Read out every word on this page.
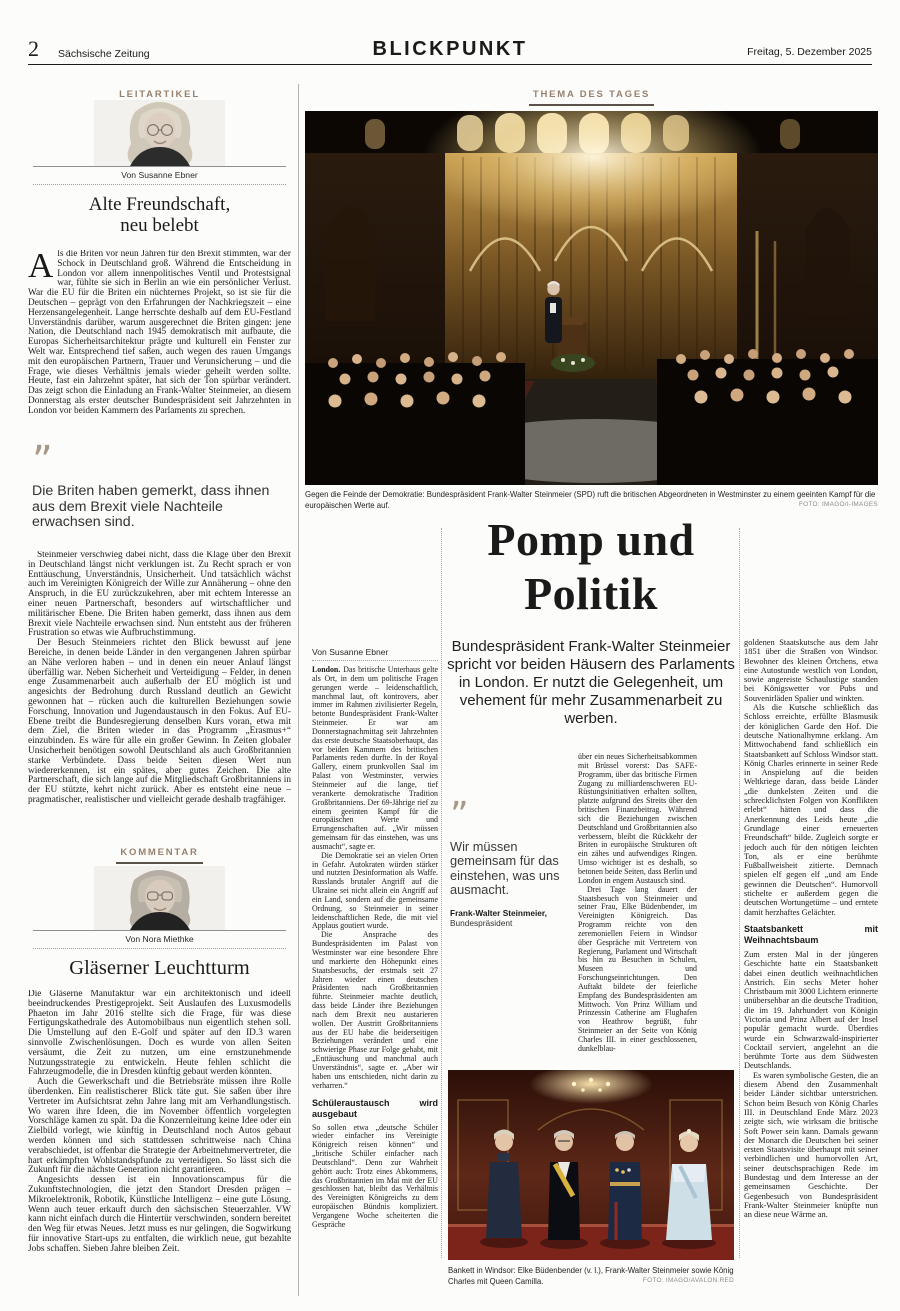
2 Sächsische Zeitung	BLICKPUNKT	Freitag, 5. Dezember 2025
LEITARTIKEL
Von Susanne Ebner
Alte Freundschaft,
neu belebt

Als die Briten vor neun Jahren für den Brexit stimmten, war der Schock in Deutschland groß. Während die Entscheidung in London vor allem innenpolitisches Ventil und Protestsignal war, fühlte sie sich in Berlin an wie ein persönlicher Verlust. War die EU für die Briten ein nüchternes Projekt, so ist sie für die Deutschen – geprägt von den Erfahrungen der Nachkriegszeit – eine Herzensangelegenheit. Lange herrschte deshalb auf dem EU-Festland Unverständnis darüber, warum ausgerechnet die Briten gingen: jene Nation, die Deutschland nach 1945 demokratisch mit aufbaute, die Europas Sicherheitsarchitektur prägte und kulturell ein Fenster zur Welt war. Entsprechend tief saßen, auch wegen des rauen Umgangs mit den europäischen Partnern, Trauer und Verunsicherung – und die Frage, wie dieses Verhältnis jemals wieder geheilt werden sollte. Heute, fast ein Jahrzehnt später, hat sich der Ton spürbar verändert. Das zeigt schon die Einladung an Frank-Walter Steinmeier, an diesem Donnerstag als erster deutscher Bundespräsident seit Jahrzehnten in London vor beiden Kammern des Parlaments zu sprechen.

”
Die Briten haben gemerkt, dass ihnen aus dem Brexit viele Nachteile erwachsen sind.

Steinmeier verschwieg dabei nicht, dass die Klage über den Brexit in Deutschland längst nicht verklungen ist. Zu Recht sprach er von Enttäuschung, Unverständnis, Unsicherheit. Und tatsächlich wächst auch im Vereinigten Königreich der Wille zur Annäherung – ohne den Anspruch, in die EU zurückzukehren, aber mit echtem Interesse an einer neuen Partnerschaft, besonders auf wirtschaftlicher und militärischer Ebene. Die Briten haben gemerkt, dass ihnen aus dem Brexit viele Nachteile erwachsen sind. Nun entsteht aus der früheren Frustration so etwas wie Aufbruchstimmung.

Der Besuch Steinmeiers richtet den Blick bewusst auf jene Bereiche, in denen beide Länder in den vergangenen Jahren spürbar an Nähe verloren haben – und in denen ein neuer Anlauf längst überfällig war. Neben Sicherheit und Verteidigung – Felder, in denen enge Zusammenarbeit auch außerhalb der EU möglich ist und angesichts der Bedrohung durch Russland deutlich an Gewicht gewonnen hat – rücken auch die kulturellen Beziehungen sowie Forschung, Innovation und Jugendaustausch in den Fokus. Auf EU-Ebene treibt die Bundesregierung denselben Kurs voran, etwa mit dem Ziel, die Briten wieder in das Programm „Erasmus+“ einzubinden. Es wäre für alle ein großer Gewinn. In Zeiten globaler Unsicherheit benötigen sowohl Deutschland als auch Großbritannien starke Verbündete. Dass beide Seiten diesen Wert nun wiedererkennen, ist ein spätes, aber gutes Zeichen. Die alte Partnerschaft, die sich lange auf die Mitgliedschaft Großbritanniens in der EU stützte, kehrt nicht zurück. Aber es entsteht eine neue – pragmatischer, realistischer und vielleicht gerade deshalb tragfähiger.

KOMMENTAR
Von Nora Miethke
Gläserner Leuchtturm

Die Gläserne Manufaktur war ein architektonisch und ideell beeindruckendes Prestigeprojekt. Seit Auslaufen des Luxusmodells Phaeton im Jahr 2016 stellte sich die Frage, für was diese Fertigungskathedrale des Automobilbaus nun eigentlich stehen soll. Die Umstellung auf den E-Golf und später auf den ID.3 waren sinnvolle Zwischenlösungen. Doch es wurde von allen Seiten versäumt, die Zeit zu nutzen, um eine ernstzunehmende Nutzungsstrategie zu entwickeln. Heute fehlen schlicht die Fahrzeugmodelle, die in Dresden künftig gebaut werden könnten.

Auch die Gewerkschaft und die Betriebsräte müssen ihre Rolle überdenken. Ein realistischerer Blick täte gut. Sie saßen über ihre Vertreter im Aufsichtsrat zehn Jahre lang mit am Verhandlungstisch. Wo waren ihre Ideen, die im November öffentlich vorgelegten Vorschläge kamen zu spät. Da die Konzernleitung keine Idee oder ein Zielbild vorlegt, wie künftig in Deutschland noch Autos gebaut werden können und sich stattdessen schrittweise nach China verabschiedet, ist offenbar die Strategie der Arbeitnehmervertreter, die hart erkämpften Wohlstandspfunde zu verteidigen. So lässt sich die Zukunft für die nächste Generation nicht garantieren.

Angesichts dessen ist ein Innovationscampus für die Zukunftstechnologien, die jetzt den Standort Dresden prägen – Mikroelektronik, Robotik, Künstliche Intelligenz – eine gute Lösung. Wenn auch teuer erkauft durch den sächsischen Steuerzahler. VW kann nicht einfach durch die Hintertür verschwinden, sondern bereitet den Weg für etwas Neues. Jetzt muss es nur gelingen, die Sogwirkung für innovative Start-ups zu entfalten, die wirklich neue, gut bezahlte Jobs schaffen. Sieben Jahre bleiben Zeit.

THEMA DES TAGES
Gegen die Feinde der Demokratie: Bundespräsident Frank-Walter Steinmeier (SPD) ruft die britischen Abgeordneten in Westminster zu einem geeinten Kampf für die europäischen Werte auf.	FOTO: IMAGO/I-IMAGES
Pomp und
Politik
Bundespräsident Frank-Walter Steinmeier spricht vor beiden Häusern des Parlaments in London. Er nutzt die Gelegenheit, um vehement für mehr Zusammenarbeit zu werben.
Von Susanne Ebner

London. Das britische Unterhaus gelte als Ort, in dem um politische Fragen gerungen werde – leidenschaftlich, manchmal laut, oft kontrovers, aber immer im Rahmen zivilisierter Regeln, betonte Bundespräsident Frank-Walter Steinmeier. Er war am Donnerstagnachmittag seit Jahrzehnten das erste deutsche Staatsoberhaupt, das vor beiden Kammern des britischen Parlaments reden durfte. In der Royal Gallery, einem prunkvollen Saal im Palast von Westminster, verwies Steinmeier auf die lange, tief verankerte demokratische Tradition Großbritanniens. Der 69-Jährige rief zu einem geeinten Kampf für die europäischen Werte und Errungenschaften auf. „Wir müssen gemeinsam für das einstehen, was uns ausmacht“, sagte er.

Die Demokratie sei an vielen Orten in Gefahr. Autokraten würden stärker und nutzten Desinformation als Waffe. Russlands brutaler Angriff auf die Ukraine sei nicht allein ein Angriff auf ein Land, sondern auf die gemeinsame Ordnung, so Steinmeier in seiner leidenschaftlichen Rede, die mit viel Applaus goutiert wurde.

Die Ansprache des Bundespräsidenten im Palast von Westminster war eine besondere Ehre und markierte den Höhepunkt eines Staatsbesuchs, der erstmals seit 27 Jahren wieder einen deutschen Präsidenten nach Großbritannien führte. Steinmeier machte deutlich, dass beide Länder ihre Beziehungen nach dem Brexit neu austarieren wollen. Der Austritt Großbritanniens aus der EU habe die beiderseitigen Beziehungen verändert und eine schwierige Phase zur Folge gehabt, mit „Enttäuschung und manchmal auch Unverständnis“, sagte er. „Aber wir haben uns entschieden, nicht darin zu verharren.“

Schüleraustausch wird ausgebaut

So sollen etwa „deutsche Schüler wieder einfacher ins Vereinigte Königreich reisen können“ und „britische Schüler einfacher nach Deutschland“. Denn zur Wahrheit gehört auch: Trotz eines Abkommens, das Großbritannien im Mai mit der EU geschlossen hat, bleibt das Verhältnis des Vereinigten Königreichs zu dem europäischen Bündnis kompliziert. Vergangene Woche scheiterten die Gespräche

”
Wir müssen gemeinsam für das einstehen, was uns ausmacht.
Frank-Walter Steinmeier,
Bundespräsident

über ein neues Sicherheitsabkommen mit Brüssel vorerst: Das SAFE-Programm, über das britische Firmen Zugang zu milliardenschweren EU-Rüstungsinitiativen erhalten sollten, platzte aufgrund des Streits über den britischen Finanzbeitrag. Während sich die Beziehungen zwischen Deutschland und Großbritannien also verbessern, bleibt die Rückkehr der Briten in europäische Strukturen oft ein zähes und aufwendiges Ringen. Umso wichtiger ist es deshalb, so betonen beide Seiten, dass Berlin und London in engem Austausch sind.

Drei Tage lang dauert der Staatsbesuch von Steinmeier und seiner Frau, Elke Büdenbender, im Vereinigten Königreich. Das Programm reichte von den zeremoniellen Feiern in Windsor über Gespräche mit Vertretern von Regierung, Parlament und Wirtschaft bis hin zu Besuchen in Schulen, Museen und Forschungseinrichtungen. Den Auftakt bildete der feierliche Empfang des Bundespräsidenten am Mittwoch. Von Prinz William und Prinzessin Catherine am Flughafen von Heathrow begrüßt, fuhr Steinmeier an der Seite von König Charles III. in einer geschlossenen, dunkelblau-

goldenen Staatskutsche aus dem Jahr 1851 über die Straßen von Windsor. Bewohner des kleinen Örtchens, etwa eine Autostunde westlich von London, sowie angereiste Schaulustige standen bei Königswetter vor Pubs und Souvenirläden Spalier und winkten.

Als die Kutsche schließlich das Schloss erreichte, erfüllte Blasmusik der königlichen Garde den Hof. Die deutsche Nationalhymne erklang. Am Mittwochabend fand schließlich ein Staatsbankett auf Schloss Windsor statt. König Charles erinnerte in seiner Rede in Anspielung auf die beiden Weltkriege daran, dass beide Länder „die dunkelsten Zeiten und die schrecklichsten Folgen von Konflikten erlebt“ hätten und dass die Anerkennung des Leids heute „die Grundlage einer erneuerten Freundschaft“ bilde. Zugleich sorgte er jedoch auch für den nötigen leichten Ton, als er eine berühmte Fußballweisheit zitierte. Demnach spielen elf gegen elf „und am Ende gewinnen die Deutschen“. Humorvoll stichelte er außerdem gegen die deutschen Wortungetüme – und erntete damit herzhaftes Gelächter.

Staatsbankett mit Weihnachtsbaum

Zum ersten Mal in der jüngeren Geschichte hatte ein Staatsbankett dabei einen deutlich weihnachtlichen Anstrich. Ein sechs Meter hoher Christbaum mit 3000 Lichtern erinnerte unübersehbar an die deutsche Tradition, die im 19. Jahrhundert von Königin Victoria und Prinz Albert auf der Insel populär gemacht wurde. Überdies wurde ein Schwarzwald-inspirierter Cocktail serviert, angelehnt an die berühmte Torte aus dem Südwesten Deutschlands.

Es waren symbolische Gesten, die an diesem Abend den Zusammenhalt beider Länder sichtbar unterstrichen. Schon beim Besuch von König Charles III. in Deutschland Ende März 2023 zeigte sich, wie wirksam die britische Soft Power sein kann. Damals gewann der Monarch die Deutschen bei seiner ersten Staatsvisite überhaupt mit seiner verbindlichen und humorvollen Art, seiner deutschsprachigen Rede im Bundestag und dem Interesse an der gemeinsamen Geschichte. Der Gegenbesuch von Bundespräsident Frank-Walter Steinmeier knüpfte nun an diese neue Wärme an.

Bankett in Windsor: Elke Büdenbender (v. l.), Frank-Walter Steinmeier sowie König Charles mit Queen Camilla.	FOTO: IMAGO/AVALON.RED
